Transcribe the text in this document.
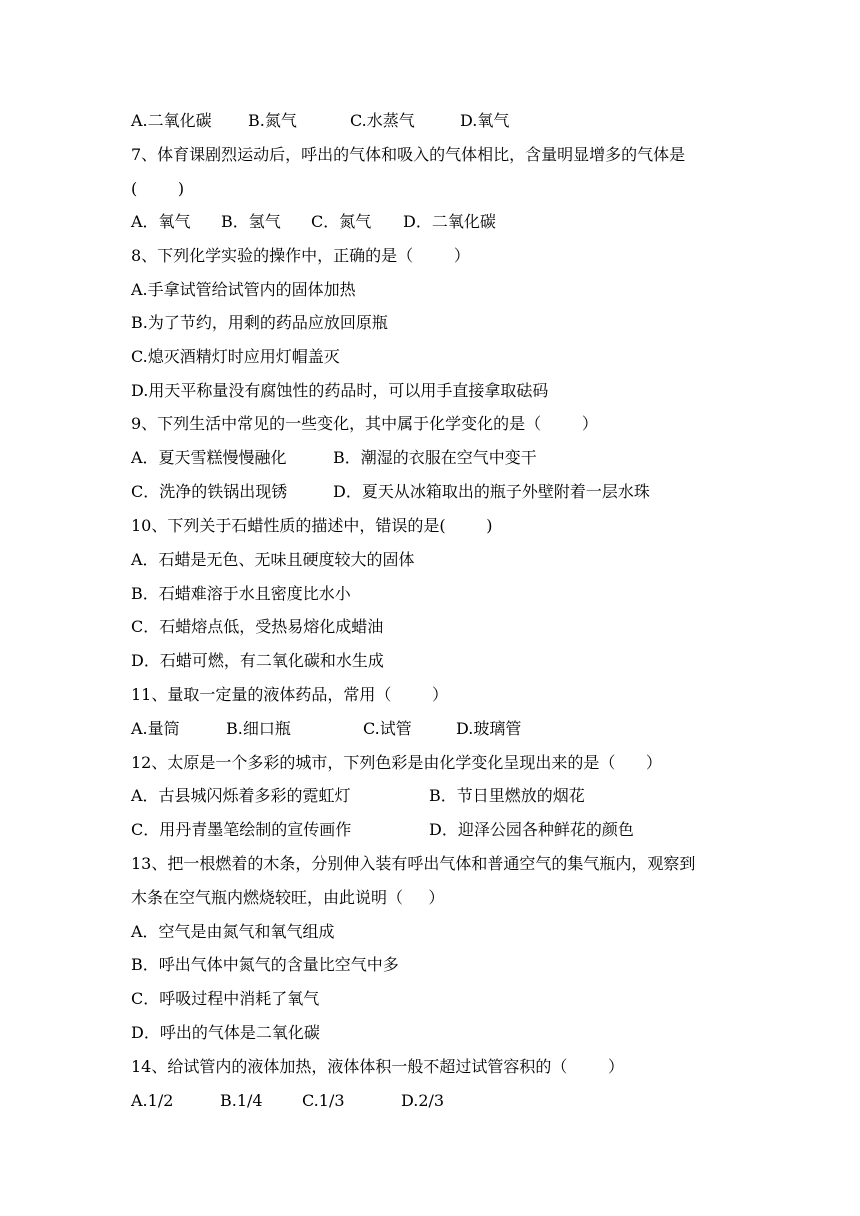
A.二氧化碳 B.氮气	C.水蒸气	D.氧气
7、体育课剧烈运动后，呼出的气体和吸入的气体相比，含量明显增多的气体是
(        )
A．氧气 B．氢气 C．氮气 D．二氧化碳
8、下列化学实验的操作中，正确的是（        ）
A.手拿试管给试管内的固体加热
B.为了节约，用剩的药品应放回原瓶
C.熄灭酒精灯时应用灯帽盖灭
D.用天平称量没有腐蚀性的药品时，可以用手直接拿取砝码
9、下列生活中常见的一些变化，其中属于化学变化的是（        ）
A．夏天雪糕慢慢融化	B．潮湿的衣服在空气中变干
C．洗净的铁锅出现锈	D．夏天从冰箱取出的瓶子外壁附着一层水珠
10、下列关于石蜡性质的描述中，错误的是(        )
A．石蜡是无色、无味且硬度较大的固体
B．石蜡难溶于水且密度比水小
C．石蜡熔点低，受热易熔化成蜡油
D．石蜡可燃，有二氧化碳和水生成
11、量取一定量的液体药品，常用（        ）
A.量筒	B.细口瓶	C.试管	D.玻璃管
12、太原是一个多彩的城市，下列色彩是由化学变化呈现出来的是（      ）
A．古县城闪烁着多彩的霓虹灯	B．节日里燃放的烟花
C．用丹青墨笔绘制的宣传画作	D．迎泽公园各种鲜花的颜色
13、把一根燃着的木条，分别伸入装有呼出气体和普通空气的集气瓶内，观察到
木条在空气瓶内燃烧较旺，由此说明（     ）
A．空气是由氮气和氧气组成
B．呼出气体中氮气的含量比空气中多
C．呼吸过程中消耗了氧气
D．呼出的气体是二氧化碳
14、给试管内的液体加热，液体体积一般不超过试管容积的（        ）
A.1/2	B.1/4 C.1/3	D.2/3
